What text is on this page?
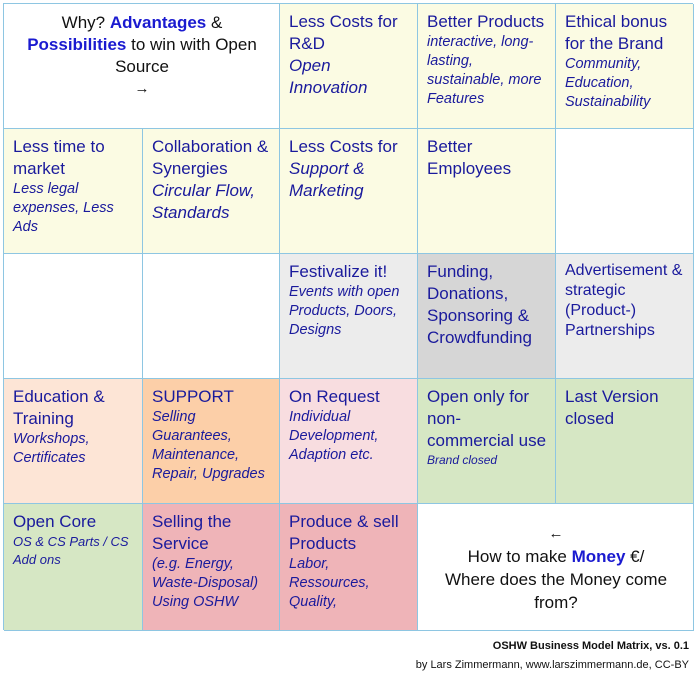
Why? Advantages &
Possibilities to win with Open Source
→
Less Costs for R&D
Open Innovation
Better Products
interactive, long-lasting, sustainable, more Features
Ethical bonus for the Brand
Community, Education, Sustainability
Less time to market
Less legal expenses, Less Ads
Collaboration & Synergies
Circular Flow, Standards
Less Costs for
Support & Marketing
Better Employees
Festivalize it!
Events with open Products, Doors, Designs
Funding, Donations, Sponsoring & Crowdfunding
Advertisement & strategic (Product-) Partnerships
Education & Training
Workshops, Certificates
SUPPORT
Selling Guarantees, Maintenance, Repair, Upgrades
On Request
Individual Development, Adaption etc.
Open only for non-commercial use
Brand closed
Last Version closed
Open Core
OS & CS Parts / CS Add ons
Selling the Service
(e.g. Energy, Waste-Disposal) Using OSHW
Produce & sell Products
Labor, Ressources, Quality,
←
How to make Money €/
Where does the Money come from?
OSHW Business Model Matrix, vs. 0.1
by Lars Zimmermann, www.larszimmermann.de, CC-BY
